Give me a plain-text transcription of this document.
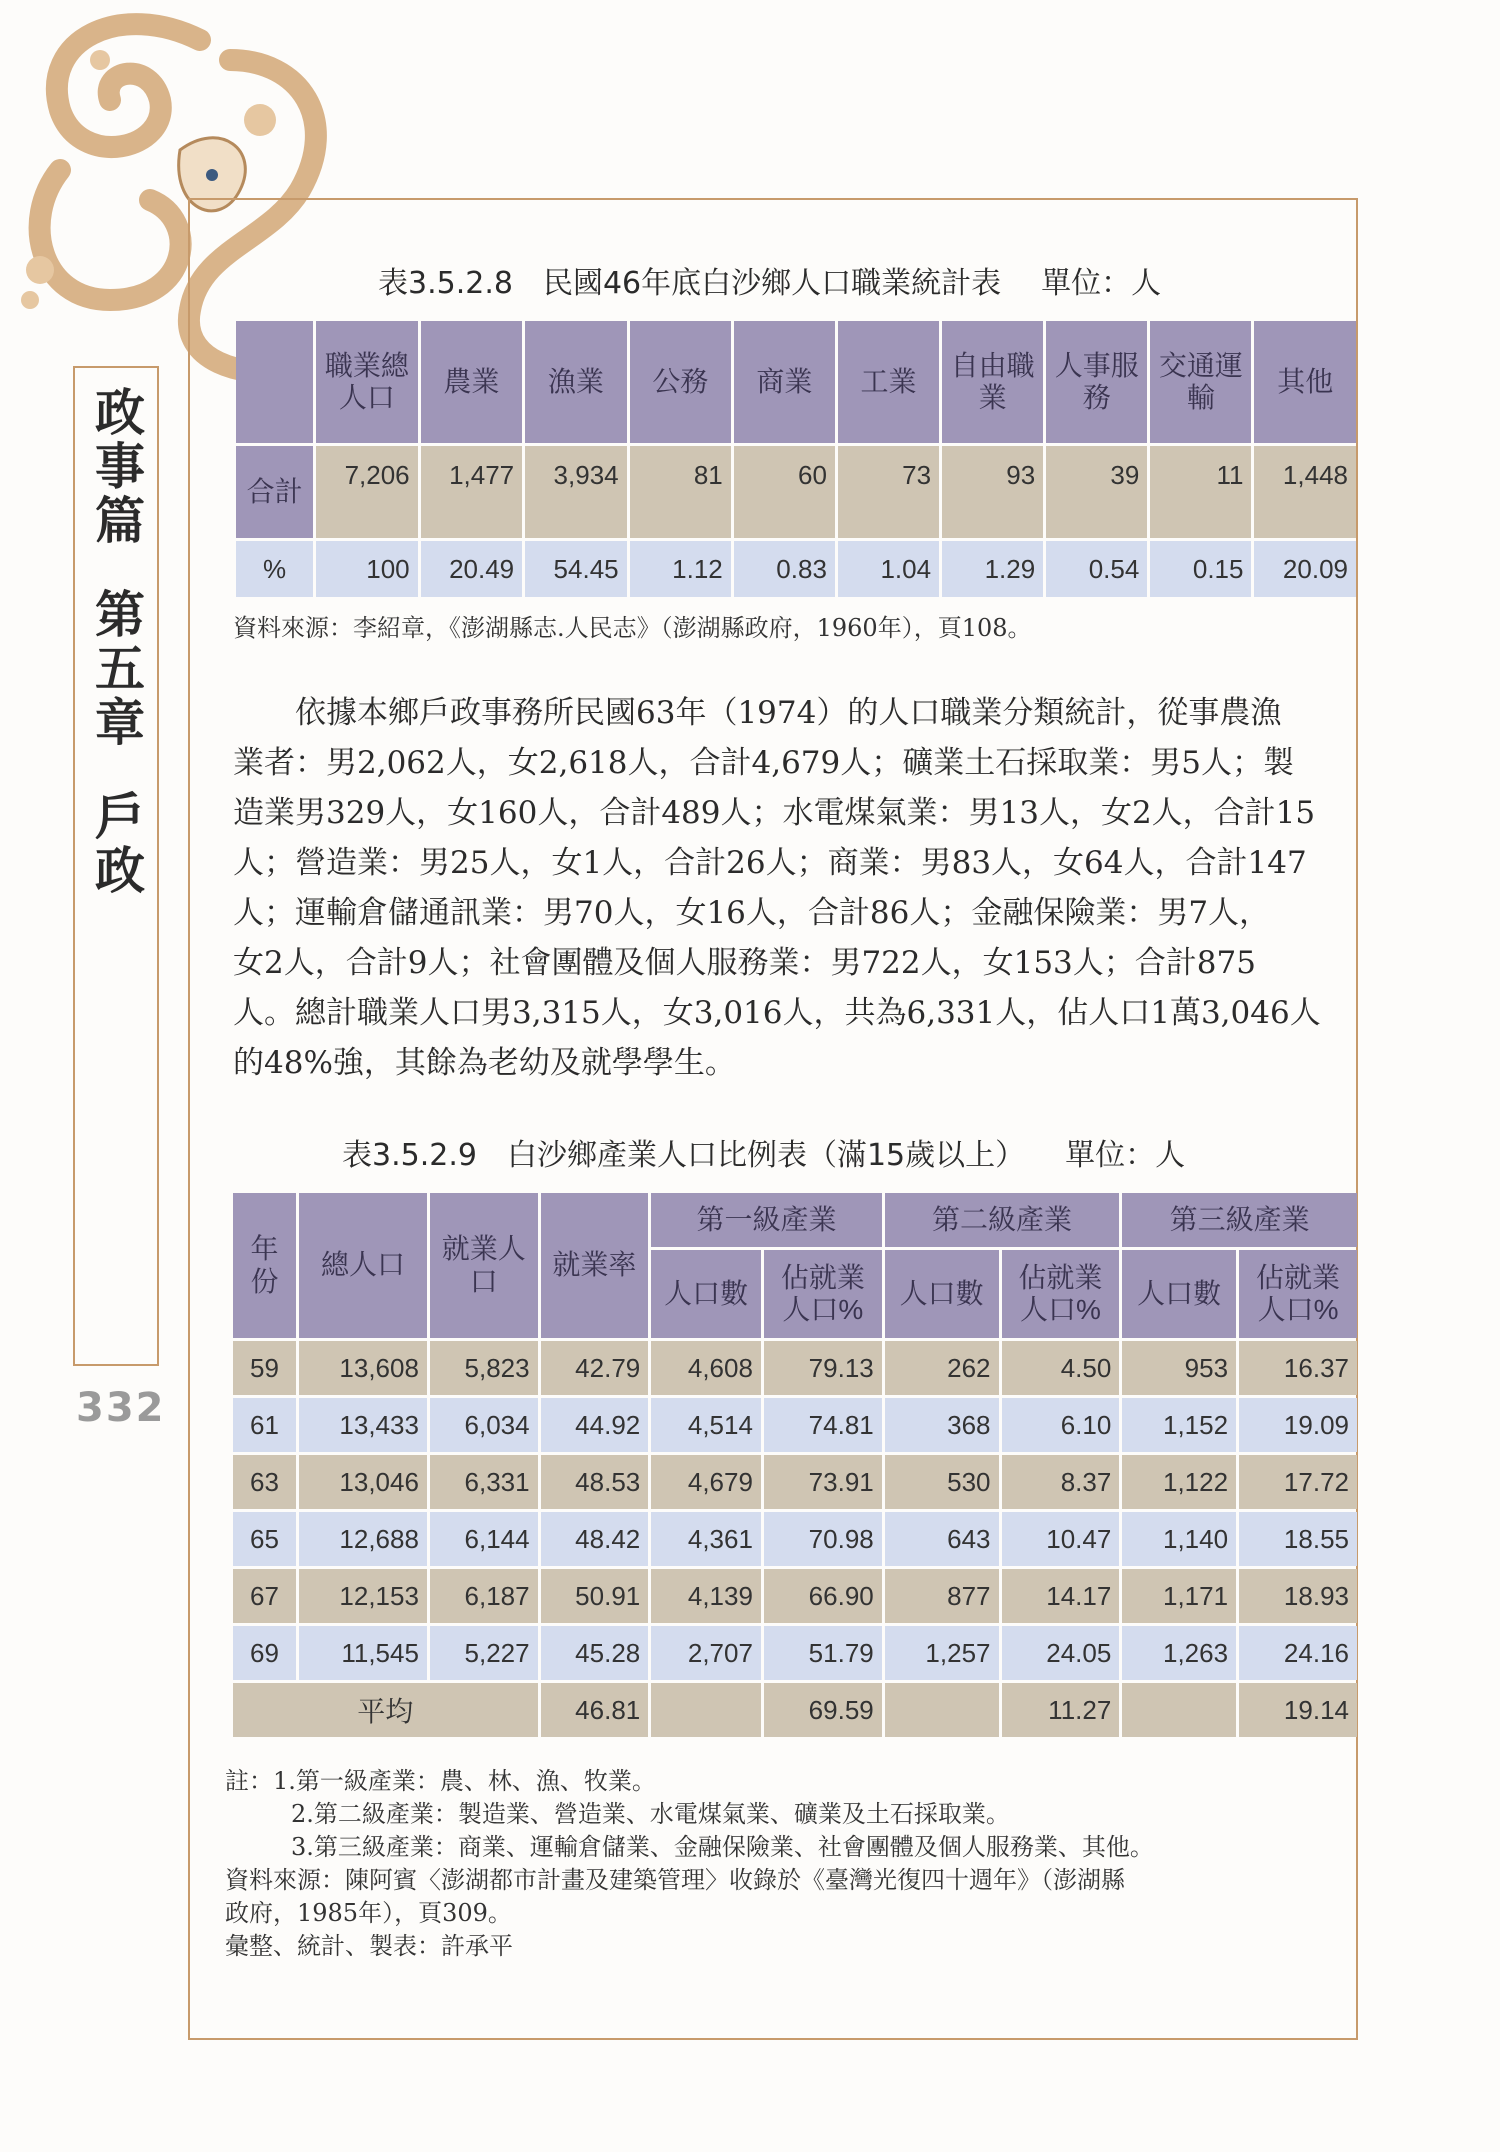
政事篇
第五章
戶政
332
表3.5.2.8　民國46年底白沙鄉人口職業統計表 單位：人
	職業總人口	農業	漁業	公務	商業	工業	自由職業	人事服務	交通運輸	其他
合計	7,206	1,477	3,934	81	60	73	93	39	11	1,448
%	100	20.49	54.45	1.12	0.83	1.04	1.29	0.54	0.15	20.09
資料來源：李紹章，《澎湖縣志.人民志》（澎湖縣政府，1960年），頁108。
　　依據本鄉戶政事務所民國63年（1974）的人口職業分類統計，從事農漁
業者：男2,062人，女2,618人，合計4,679人；礦業土石採取業：男5人；製
造業男329人，女160人，合計489人；水電煤氣業：男13人，女2人，合計15
人；營造業：男25人，女1人，合計26人；商業：男83人，女64人，合計147
人；運輸倉儲通訊業：男70人，女16人，合計86人；金融保險業：男7人，
女2人，合計9人；社會團體及個人服務業：男722人，女153人；合計875
人。總計職業人口男3,315人，女3,016人，共為6,331人，佔人口1萬3,046人
的48%強，其餘為老幼及就學學生。
表3.5.2.9　白沙鄉產業人口比例表（滿15歲以上） 單位：人
年份	總人口	就業人口	就業率	第一級產業		第二級產業		第三級產業	
				人口數	佔就業人口%	人口數	佔就業人口%	人口數	佔就業人口%
59	13,608	5,823	42.79	4,608	79.13	262	4.50	953	16.37
61	13,433	6,034	44.92	4,514	74.81	368	6.10	1,152	19.09
63	13,046	6,331	48.53	4,679	73.91	530	8.37	1,122	17.72
65	12,688	6,144	48.42	4,361	70.98	643	10.47	1,140	18.55
67	12,153	6,187	50.91	4,139	66.90	877	14.17	1,171	18.93
69	11,545	5,227	45.28	2,707	51.79	1,257	24.05	1,263	24.16
平均			46.81		69.59		11.27		19.14
註：1.第一級產業：農、林、漁、牧業。
2.第二級產業：製造業、營造業、水電煤氣業、礦業及土石採取業。
3.第三級產業：商業、運輸倉儲業、金融保險業、社會團體及個人服務業、其他。
資料來源：陳阿賓〈澎湖都市計畫及建築管理〉收錄於《臺灣光復四十週年》（澎湖縣
政府，1985年），頁309。
彙整、統計、製表：許承平
